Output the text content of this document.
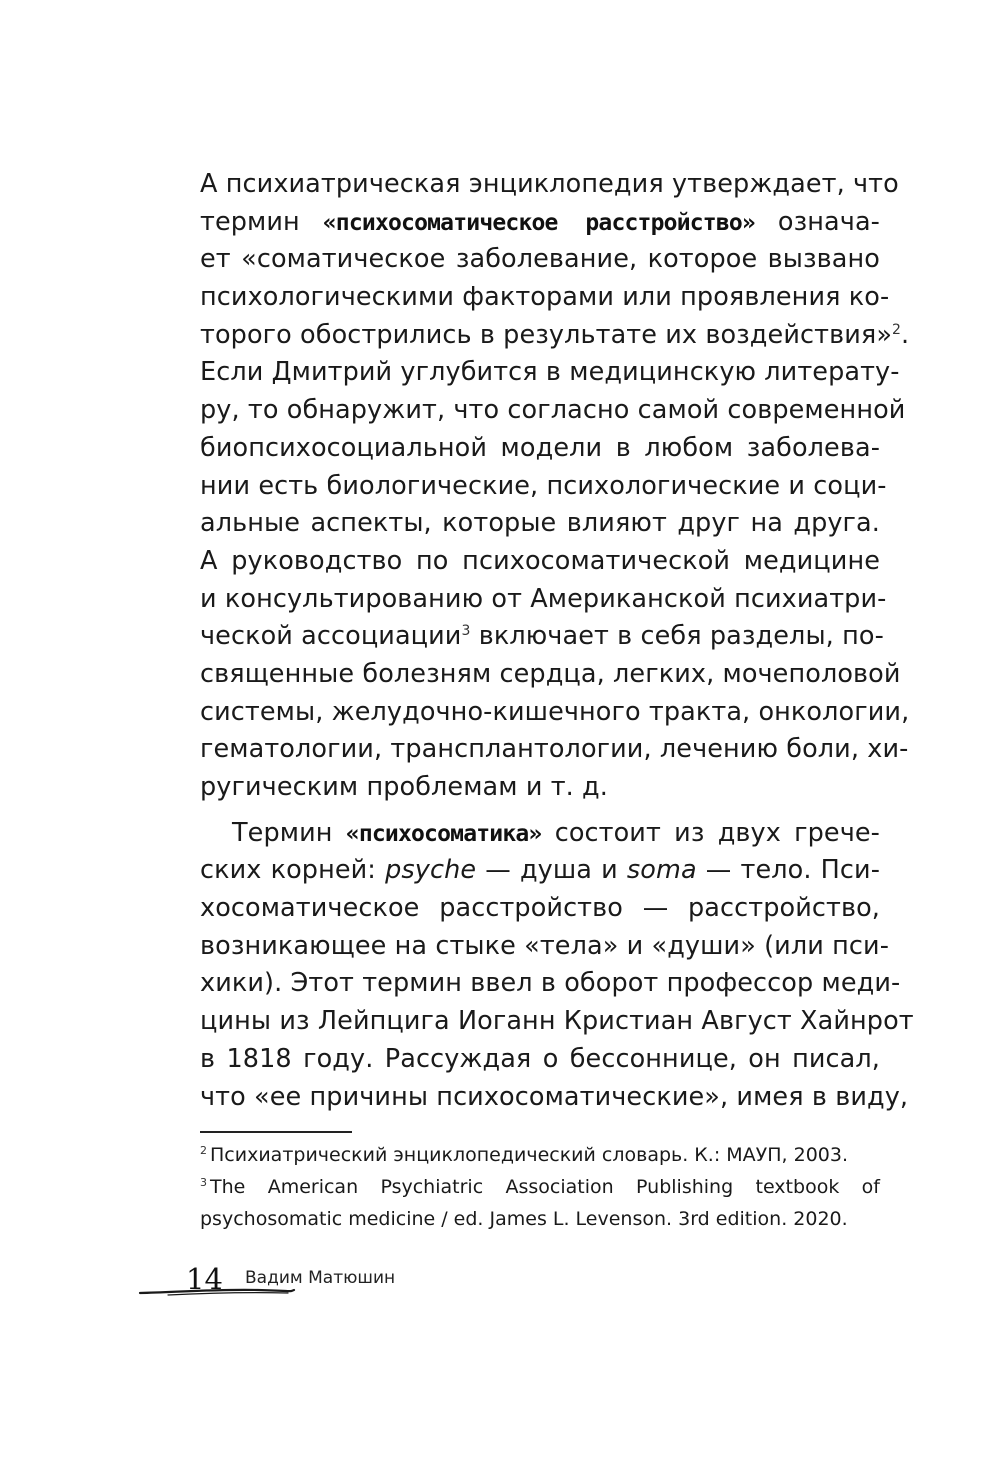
А психиатрическая энциклопедия утверждает, что
термин «психосоматическое расстройство» означа-
ет «соматическое заболевание, которое вызвано
психологическими факторами или проявления ко-
торого обострились в результате их воздействия»$^2$.
Если Дмитрий углубится в медицинскую литерату-
ру, то обнаружит, что согласно самой современной
биопсихосоциальной модели в любом заболева-
нии есть биологические, психологические и соци-
альные аспекты, которые влияют друг на друга.
А руководство по психосоматической медицине
и консультированию от Американской психиатри-
ческой ассоциации$^3$ включает в себя разделы, по-
священные болезням сердца, легких, мочеполовой
системы, желудочно-кишечного тракта, онкологии,
гематологии, трансплантологии, лечению боли, хи-
ругическим проблемам и т. д.
Термин «психосоматика» состоит из двух грече-
ских корней: psyche — душа и soma — тело. Пси-
хосоматическое расстройство — расстройство,
возникающее на стыке «тела» и «души» (или пси-
хики). Этот термин ввел в оборот профессор меди-
цины из Лейпцига Иоганн Кристиан Август Хайнрот
в 1818 году. Рассуждая о бессоннице, он писал,
что «ее причины психосоматические», имея в виду,
$^2$ Психиатрический энциклопедический словарь. К.: МАУП, 2003.
$^3$ The American Psychiatric Association Publishing textbook of
psychosomatic medicine / ed. James L. Levenson. 3rd edition. 2020.
14 Вадим Матюшин
